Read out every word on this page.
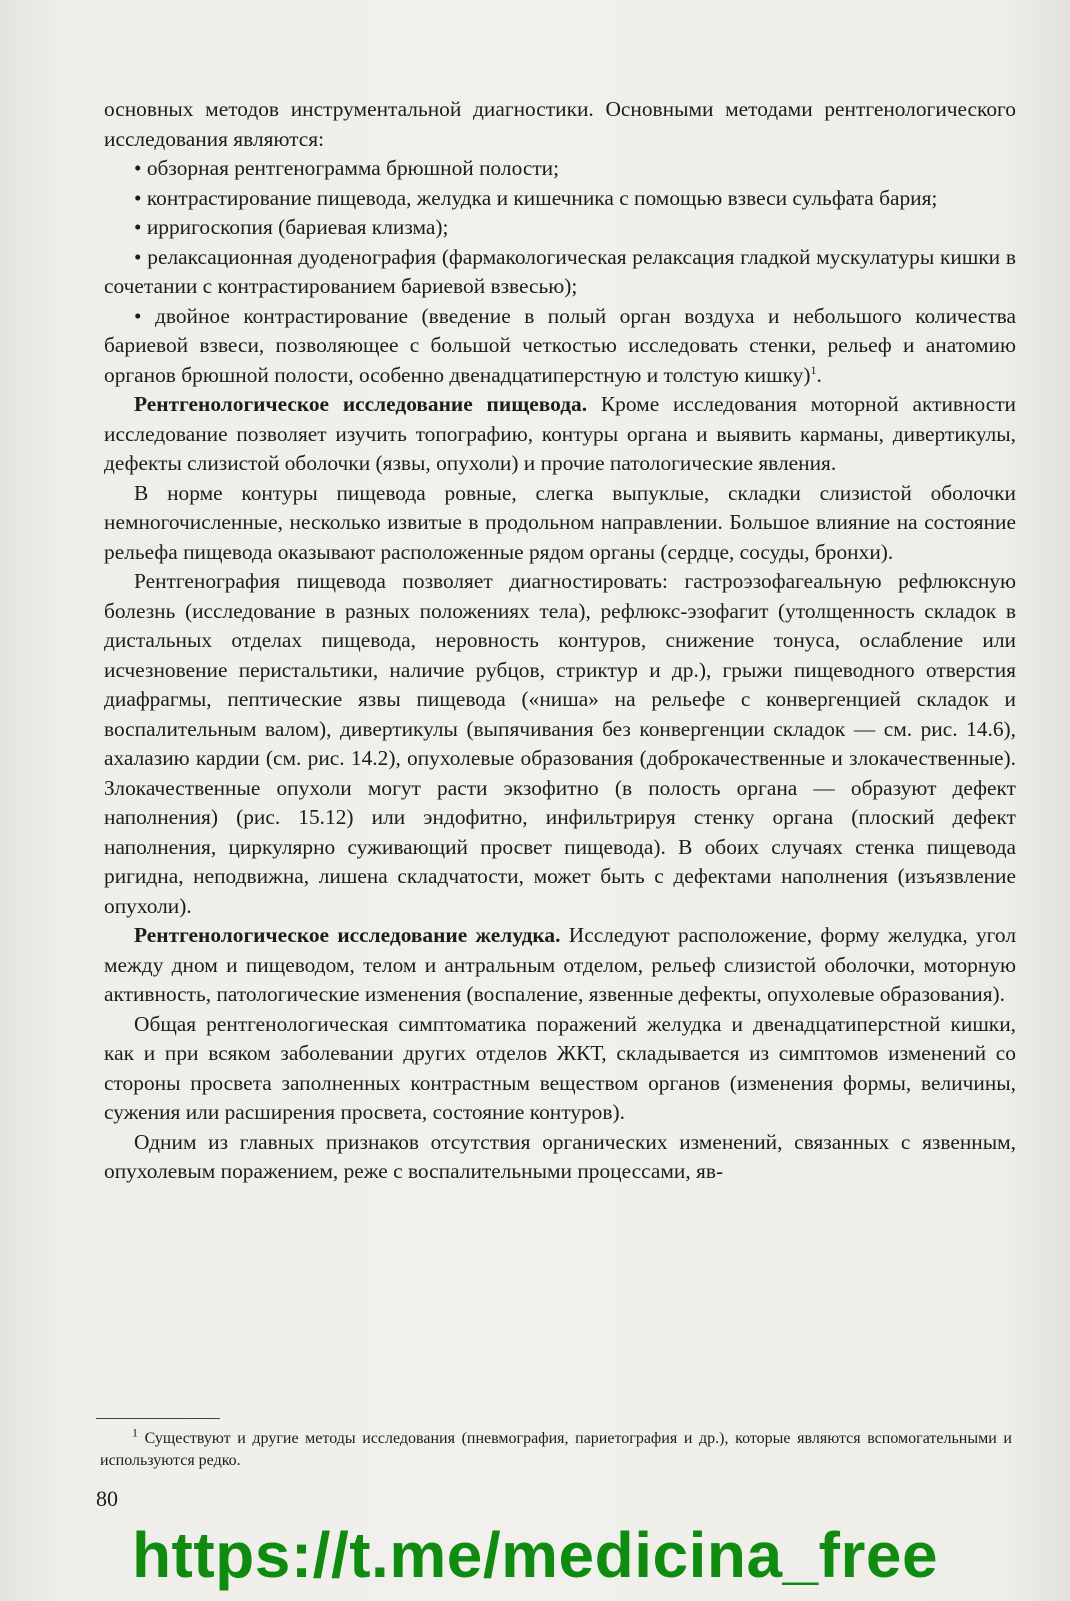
основных методов инструментальной диагностики. Основными методами рентгенологического исследования являются:

• обзорная рентгенограмма брюшной полости;

• контрастирование пищевода, желудка и кишечника с помощью взвеси сульфата бария;

• ирригоскопия (бариевая клизма);

• релаксационная дуоденография (фармакологическая релаксация гладкой мускулатуры кишки в сочетании с контрастированием бариевой взвесью);

• двойное контрастирование (введение в полый орган воздуха и небольшого количества бариевой взвеси, позволяющее с большой четкостью исследовать стенки, рельеф и анатомию органов брюшной полости, особенно двенадцатиперстную и толстую кишку)$^1$.

Рентгенологическое исследование пищевода. Кроме исследования моторной активности исследование позволяет изучить топографию, контуры органа и выявить карманы, дивертикулы, дефекты слизистой оболочки (язвы, опухоли) и прочие патологические явления.

В норме контуры пищевода ровные, слегка выпуклые, складки слизистой оболочки немногочисленные, несколько извитые в продольном направлении. Большое влияние на состояние рельефа пищевода оказывают расположенные рядом органы (сердце, сосуды, бронхи).

Рентгенография пищевода позволяет диагностировать: гастроэзофагеальную рефлюксную болезнь (исследование в разных положениях тела), рефлюкс-эзофагит (утолщенность складок в дистальных отделах пищевода, неровность контуров, снижение тонуса, ослабление или исчезновение перистальтики, наличие рубцов, стриктур и др.), грыжи пищеводного отверстия диафрагмы, пептические язвы пищевода («ниша» на рельефе с конвергенцией складок и воспалительным валом), дивертикулы (выпячивания без конвергенции складок — см. рис. 14.6), ахалазию кардии (см. рис. 14.2), опухолевые образования (доброкачественные и злокачественные). Злокачественные опухоли могут расти экзофитно (в полость органа — образуют дефект наполнения) (рис. 15.12) или эндофитно, инфильтрируя стенку органа (плоский дефект наполнения, циркулярно суживающий просвет пищевода). В обоих случаях стенка пищевода ригидна, неподвижна, лишена складчатости, может быть с дефектами наполнения (изъязвление опухоли).

Рентгенологическое исследование желудка. Исследуют расположение, форму желудка, угол между дном и пищеводом, телом и антральным отделом, рельеф слизистой оболочки, моторную активность, патологические изменения (воспаление, язвенные дефекты, опухолевые образования).

Общая рентгенологическая симптоматика поражений желудка и двенадцатиперстной кишки, как и при всяком заболевании других отделов ЖКТ, складывается из симптомов изменений со стороны просвета заполненных контрастным веществом органов (изменения формы, величины, сужения или расширения просвета, состояние контуров).

Одним из главных признаков отсутствия органических изменений, связанных с язвенным, опухолевым поражением, реже с воспалительными процессами, яв-

$^1$ Существуют и другие методы исследования (пневмография, париетография и др.), которые являются вспомогательными и используются редко.
80
https://t.me/medicina_free
